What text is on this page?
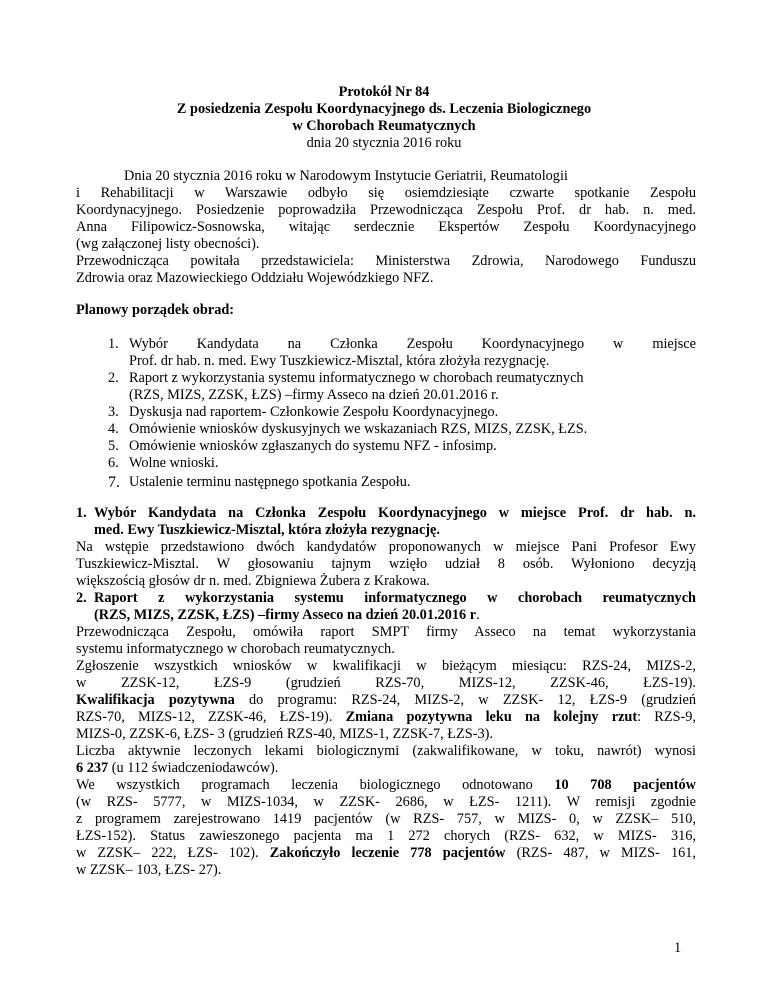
Protokół Nr 84
Z posiedzenia Zespołu Koordynacyjnego ds. Leczenia Biologicznego
w Chorobach Reumatycznych
dnia 20 stycznia 2016 roku
Dnia 20 stycznia 2016 roku w Narodowym Instytucie Geriatrii, Reumatologii
i Rehabilitacji w Warszawie odbyło się osiemdziesiąte czwarte spotkanie Zespołu
Koordynacyjnego. Posiedzenie poprowadziła Przewodnicząca Zespołu Prof. dr hab. n. med.
Anna Filipowicz-Sosnowska, witając serdecznie Ekspertów Zespołu Koordynacyjnego
(wg załączonej listy obecności).
Przewodnicząca powitała przedstawiciela: Ministerstwa Zdrowia, Narodowego Funduszu
Zdrowia oraz Mazowieckiego Oddziału Wojewódzkiego NFZ.
Planowy porządek obrad:
1. Wybór Kandydata na Członka Zespołu Koordynacyjnego w miejsce
Prof. dr hab. n. med. Ewy Tuszkiewicz-Misztal, która złożyła rezygnację.
2. Raport z wykorzystania systemu informatycznego w chorobach reumatycznych
(RZS, MIZS, ZZSK, ŁZS) –firmy Asseco na dzień 20.01.2016 r.
3. Dyskusja nad raportem- Członkowie Zespołu Koordynacyjnego.
4. Omówienie wniosków dyskusyjnych we wskazaniach RZS, MIZS, ZZSK, ŁZS.
5. Omówienie wniosków zgłaszanych do systemu NFZ - infosimp.
6. Wolne wnioski.
7. Ustalenie terminu następnego spotkania Zespołu.
1. Wybór Kandydata na Członka Zespołu Koordynacyjnego w miejsce Prof. dr hab. n.
med. Ewy Tuszkiewicz-Misztal, która złożyła rezygnację.
Na wstępie przedstawiono dwóch kandydatów proponowanych w miejsce Pani Profesor Ewy
Tuszkiewicz-Misztal. W głosowaniu tajnym wzięło udział 8 osób. Wyłoniono decyzją
większością głosów dr n. med. Zbigniewa Żubera z Krakowa.
2. Raport z wykorzystania systemu informatycznego w chorobach reumatycznych
(RZS, MIZS, ZZSK, ŁZS) –firmy Asseco na dzień 20.01.2016 r.
Przewodnicząca Zespołu, omówiła raport SMPT firmy Asseco na temat wykorzystania
systemu informatycznego w chorobach reumatycznych.
Zgłoszenie wszystkich wniosków w kwalifikacji w bieżącym miesiącu: RZS-24, MIZS-2,
w ZZSK-12, ŁZS-9 (grudzień RZS-70, MIZS-12, ZZSK-46, ŁZS-19).
Kwalifikacja pozytywna do programu: RZS-24, MIZS-2, w ZZSK- 12, ŁZS-9 (grudzień
RZS-70, MIZS-12, ZZSK-46, ŁZS-19). Zmiana pozytywna leku na kolejny rzut: RZS-9,
MIZS-0, ZZSK-6, ŁZS- 3 (grudzień RZS-40, MIZS-1, ZZSK-7, ŁZS-3).
Liczba aktywnie leczonych lekami biologicznymi (zakwalifikowane, w toku, nawrót) wynosi
6 237 (u 112 świadczeniodawców).
We wszystkich programach leczenia biologicznego odnotowano 10 708 pacjentów
(w RZS- 5777, w MIZS-1034, w ZZSK- 2686, w ŁZS- 1211). W remisji zgodnie
z programem zarejestrowano 1419 pacjentów (w RZS- 757, w MIZS- 0, w ZZSK– 510,
ŁZS-152). Status zawieszonego pacjenta ma 1 272 chorych (RZS- 632, w MIZS- 316,
w ZZSK– 222, ŁZS- 102). Zakończyło leczenie 778 pacjentów (RZS- 487, w MIZS- 161,
w ZZSK– 103, ŁZS- 27).
1
